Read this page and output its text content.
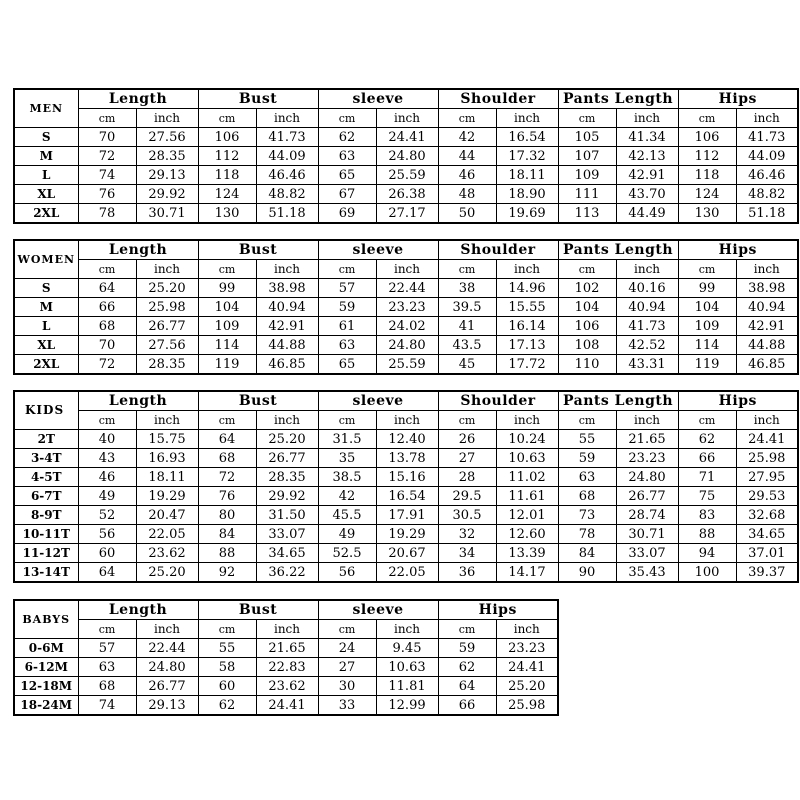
MEN	Length		Bust		sleeve		Shoulder		Pants Length		Hips	
	cm	inch	cm	inch	cm	inch	cm	inch	cm	inch	cm	inch
S	70	27.56	106	41.73	62	24.41	42	16.54	105	41.34	106	41.73
M	72	28.35	112	44.09	63	24.80	44	17.32	107	42.13	112	44.09
L	74	29.13	118	46.46	65	25.59	46	18.11	109	42.91	118	46.46
XL	76	29.92	124	48.82	67	26.38	48	18.90	111	43.70	124	48.82
2XL	78	30.71	130	51.18	69	27.17	50	19.69	113	44.49	130	51.18
WOMEN	Length		Bust		sleeve		Shoulder		Pants Length		Hips	
	cm	inch	cm	inch	cm	inch	cm	inch	cm	inch	cm	inch
S	64	25.20	99	38.98	57	22.44	38	14.96	102	40.16	99	38.98
M	66	25.98	104	40.94	59	23.23	39.5	15.55	104	40.94	104	40.94
L	68	26.77	109	42.91	61	24.02	41	16.14	106	41.73	109	42.91
XL	70	27.56	114	44.88	63	24.80	43.5	17.13	108	42.52	114	44.88
2XL	72	28.35	119	46.85	65	25.59	45	17.72	110	43.31	119	46.85
KIDS	Length		Bust		sleeve		Shoulder		Pants Length		Hips	
	cm	inch	cm	inch	cm	inch	cm	inch	cm	inch	cm	inch
2T	40	15.75	64	25.20	31.5	12.40	26	10.24	55	21.65	62	24.41
3-4T	43	16.93	68	26.77	35	13.78	27	10.63	59	23.23	66	25.98
4-5T	46	18.11	72	28.35	38.5	15.16	28	11.02	63	24.80	71	27.95
6-7T	49	19.29	76	29.92	42	16.54	29.5	11.61	68	26.77	75	29.53
8-9T	52	20.47	80	31.50	45.5	17.91	30.5	12.01	73	28.74	83	32.68
10-11T	56	22.05	84	33.07	49	19.29	32	12.60	78	30.71	88	34.65
11-12T	60	23.62	88	34.65	52.5	20.67	34	13.39	84	33.07	94	37.01
13-14T	64	25.20	92	36.22	56	22.05	36	14.17	90	35.43	100	39.37
BABYS	Length		Bust		sleeve		Hips	
	cm	inch	cm	inch	cm	inch	cm	inch
0-6M	57	22.44	55	21.65	24	9.45	59	23.23
6-12M	63	24.80	58	22.83	27	10.63	62	24.41
12-18M	68	26.77	60	23.62	30	11.81	64	25.20
18-24M	74	29.13	62	24.41	33	12.99	66	25.98
